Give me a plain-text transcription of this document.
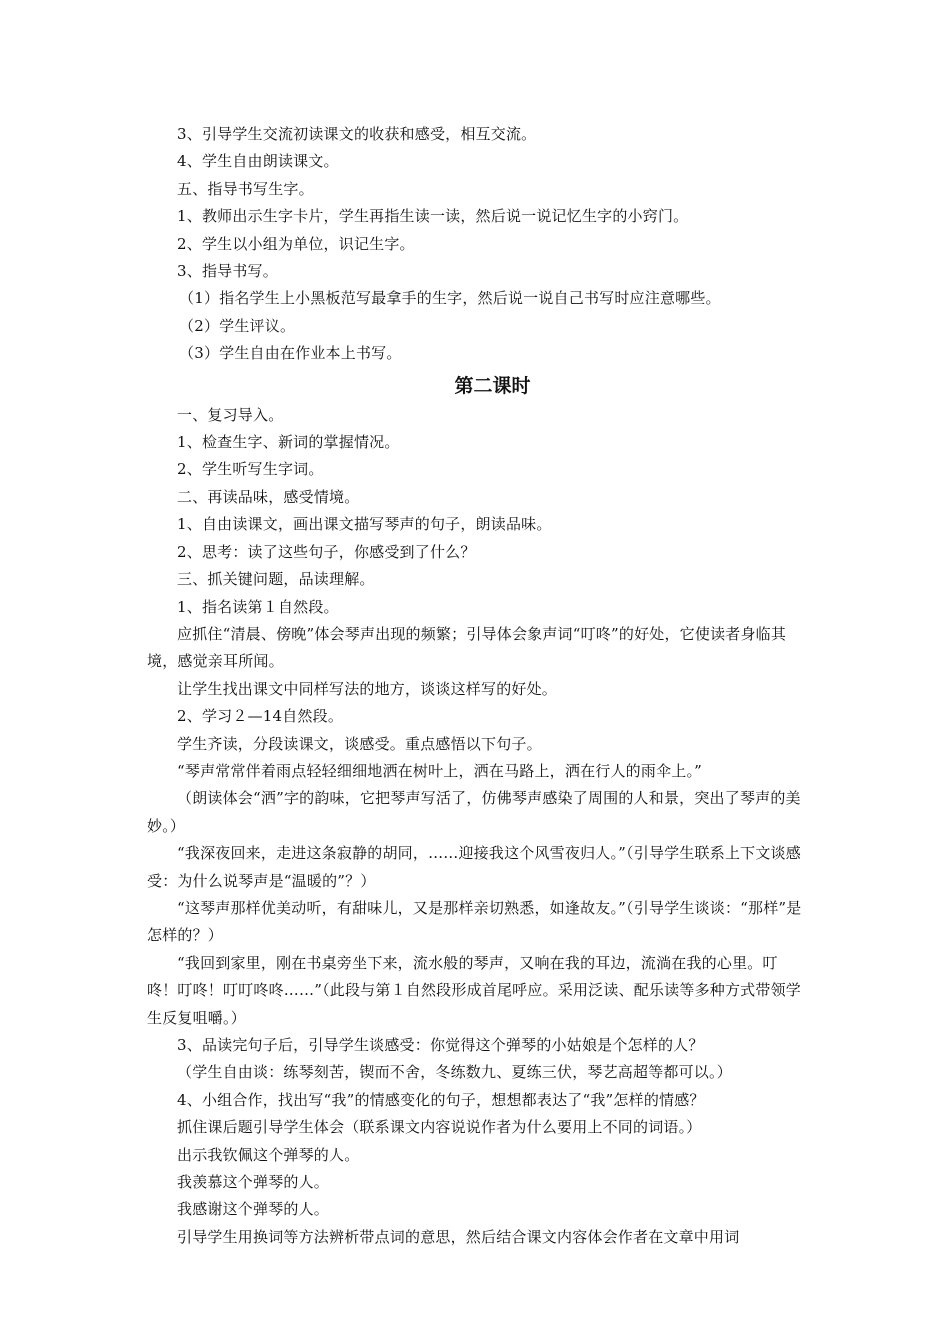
3、引导学生交流初读课文的收获和感受，相互交流。

4、学生自由朗读课文。

五、指导书写生字。

1、教师出示生字卡片，学生再指生读一读，然后说一说记忆生字的小窍门。

2、学生以小组为单位，识记生字。

3、指导书写。

（1）指名学生上小黑板范写最拿手的生字，然后说一说自己书写时应注意哪些。

（2）学生评议。

（3）学生自由在作业本上书写。

第二课时

一、复习导入。

1、检查生字、新词的掌握情况。

2、学生听写生字词。

二、再读品味，感受情境。

1、自由读课文，画出课文描写琴声的句子，朗读品味。

2、思考：读了这些句子，你感受到了什么？

三、抓关键问题，品读理解。

1、指名读第１自然段。

应抓住“清晨、傍晚”体会琴声出现的频繁；引导体会象声词“叮咚”的好处，它使读者身临其境，感觉亲耳所闻。

让学生找出课文中同样写法的地方，谈谈这样写的好处。

2、学习２—14自然段。

学生齐读，分段读课文，谈感受。重点感悟以下句子。

“琴声常常伴着雨点轻轻细细地洒在树叶上，洒在马路上，洒在行人的雨伞上。”

（朗读体会“洒”字的韵味，它把琴声写活了，仿佛琴声感染了周围的人和景，突出了琴声的美妙。）

“我深夜回来，走进这条寂静的胡同，……迎接我这个风雪夜归人。”（引导学生联系上下文谈感受：为什么说琴声是“温暖的”？）

“这琴声那样优美动听，有甜味儿，又是那样亲切熟悉，如逢故友。”（引导学生谈谈：“那样”是怎样的？）

“我回到家里，刚在书桌旁坐下来，流水般的琴声，又响在我的耳边，流淌在我的心里。叮咚！叮咚！叮叮咚咚……”（此段与第１自然段形成首尾呼应。采用泛读、配乐读等多种方式带领学生反复咀嚼。）

3、品读完句子后，引导学生谈感受：你觉得这个弹琴的小姑娘是个怎样的人？

（学生自由谈：练琴刻苦，锲而不舍，冬练数九、夏练三伏，琴艺高超等都可以。）

4、小组合作，找出写“我”的情感变化的句子，想想都表达了“我”怎样的情感？

抓住课后题引导学生体会（联系课文内容说说作者为什么要用上不同的词语。）

出示我钦佩这个弹琴的人。

我羡慕这个弹琴的人。

我感谢这个弹琴的人。

引导学生用换词等方法辨析带点词的意思，然后结合课文内容体会作者在文章中用词
